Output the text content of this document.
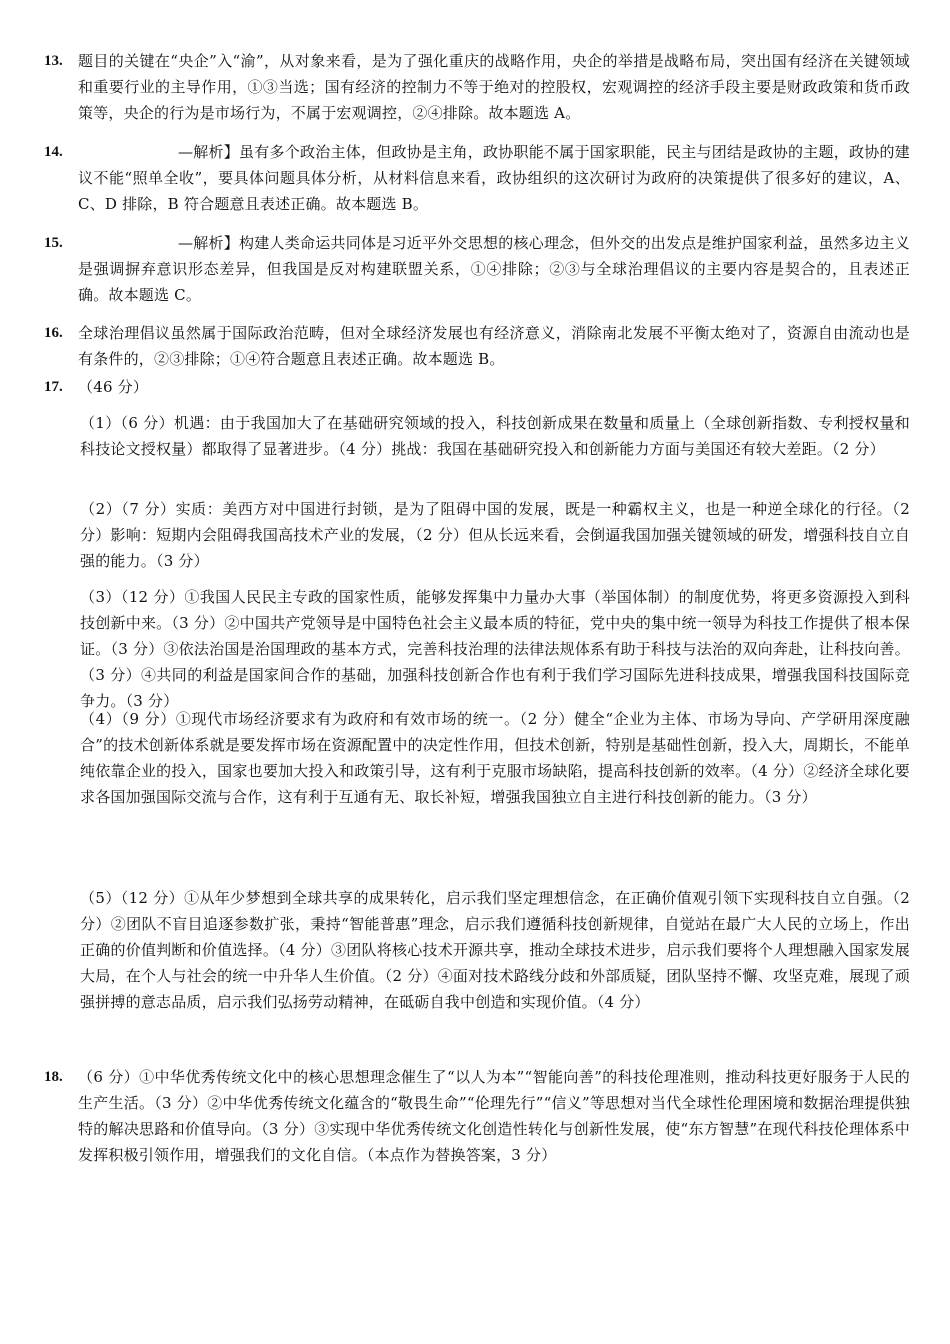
13. 题目的关键在“央企”入“渝”，从对象来看，是为了强化重庆的战略作用，央企的举措是战略布局，突出国有经济在关键领域和重要行业的主导作用，①③当选；国有经济的控制力不等于绝对的控股权，宏观调控的经济手段主要是财政政策和货币政策等，央企的行为是市场行为，不属于宏观调控，②④排除。故本题选 A。
14.	—解析】虽有多个政治主体，但政协是主角，政协职能不属于国家职能，民主与团结是政协的主题，政协的建议不能“照单全收”，要具体问题具体分析，从材料信息来看，政协组织的这次研讨为政府的决策提供了很多好的建议，A、C、D 排除，B 符合题意且表述正确。故本题选 B。
15.	—解析】构建人类命运共同体是习近平外交思想的核心理念，但外交的出发点是维护国家利益，虽然多边主义是强调摒弃意识形态差异，但我国是反对构建联盟关系，①④排除；②③与全球治理倡议的主要内容是契合的，且表述正确。故本题选 C。
16. 全球治理倡议虽然属于国际政治范畴，但对全球经济发展也有经济意义，消除南北发展不平衡太绝对了，资源自由流动也是有条件的，②③排除；①④符合题意且表述正确。故本题选 B。
17. （46 分）
（1）（6 分）机遇：由于我国加大了在基础研究领域的投入，科技创新成果在数量和质量上（全球创新指数、专利授权量和科技论文授权量）都取得了显著进步。（4 分）挑战：我国在基础研究投入和创新能力方面与美国还有较大差距。（2 分）
（2）（7 分）实质：美西方对中国进行封锁，是为了阻碍中国的发展，既是一种霸权主义，也是一种逆全球化的行径。（2 分）影响：短期内会阻碍我国高技术产业的发展，（2 分）但从长远来看，会倒逼我国加强关键领域的研发，增强科技自立自强的能力。（3 分）
（3）（12 分）①我国人民民主专政的国家性质，能够发挥集中力量办大事（举国体制）的制度优势，将更多资源投入到科技创新中来。（3 分）②中国共产党领导是中国特色社会主义最本质的特征，党中央的集中统一领导为科技工作提供了根本保证。（3 分）③依法治国是治国理政的基本方式，完善科技治理的法律法规体系有助于科技与法治的双向奔赴，让科技向善。（3 分）④共同的利益是国家间合作的基础，加强科技创新合作也有利于我们学习国际先进科技成果，增强我国科技国际竞争力。（3 分）
（4）（9 分）①现代市场经济要求有为政府和有效市场的统一。（2 分）健全“企业为主体、市场为导向、产学研用深度融合”的技术创新体系就是要发挥市场在资源配置中的决定性作用，但技术创新，特别是基础性创新，投入大，周期长，不能单纯依靠企业的投入，国家也要加大投入和政策引导，这有利于克服市场缺陷，提高科技创新的效率。（4 分）②经济全球化要求各国加强国际交流与合作，这有利于互通有无、取长补短，增强我国独立自主进行科技创新的能力。（3 分）
（5）（12 分）①从年少梦想到全球共享的成果转化，启示我们坚定理想信念，在正确价值观引领下实现科技自立自强。（2 分）②团队不盲目追逐参数扩张，秉持“智能普惠”理念，启示我们遵循科技创新规律，自觉站在最广大人民的立场上，作出正确的价值判断和价值选择。（4 分）③团队将核心技术开源共享，推动全球技术进步，启示我们要将个人理想融入国家发展大局，在个人与社会的统一中升华人生价值。（2 分）④面对技术路线分歧和外部质疑，团队坚持不懈、攻坚克难，展现了顽强拼搏的意志品质，启示我们弘扬劳动精神，在砥砺自我中创造和实现价值。（4 分）
18. （6 分）①中华优秀传统文化中的核心思想理念催生了“以人为本”“智能向善”的科技伦理准则，推动科技更好服务于人民的生产生活。（3 分）②中华优秀传统文化蕴含的“敬畏生命”“伦理先行”“信义”等思想对当代全球性伦理困境和数据治理提供独特的解决思路和价值导向。（3 分）③实现中华优秀传统文化创造性转化与创新性发展，使“东方智慧”在现代科技伦理体系中发挥积极引领作用，增强我们的文化自信。（本点作为替换答案，3 分）
